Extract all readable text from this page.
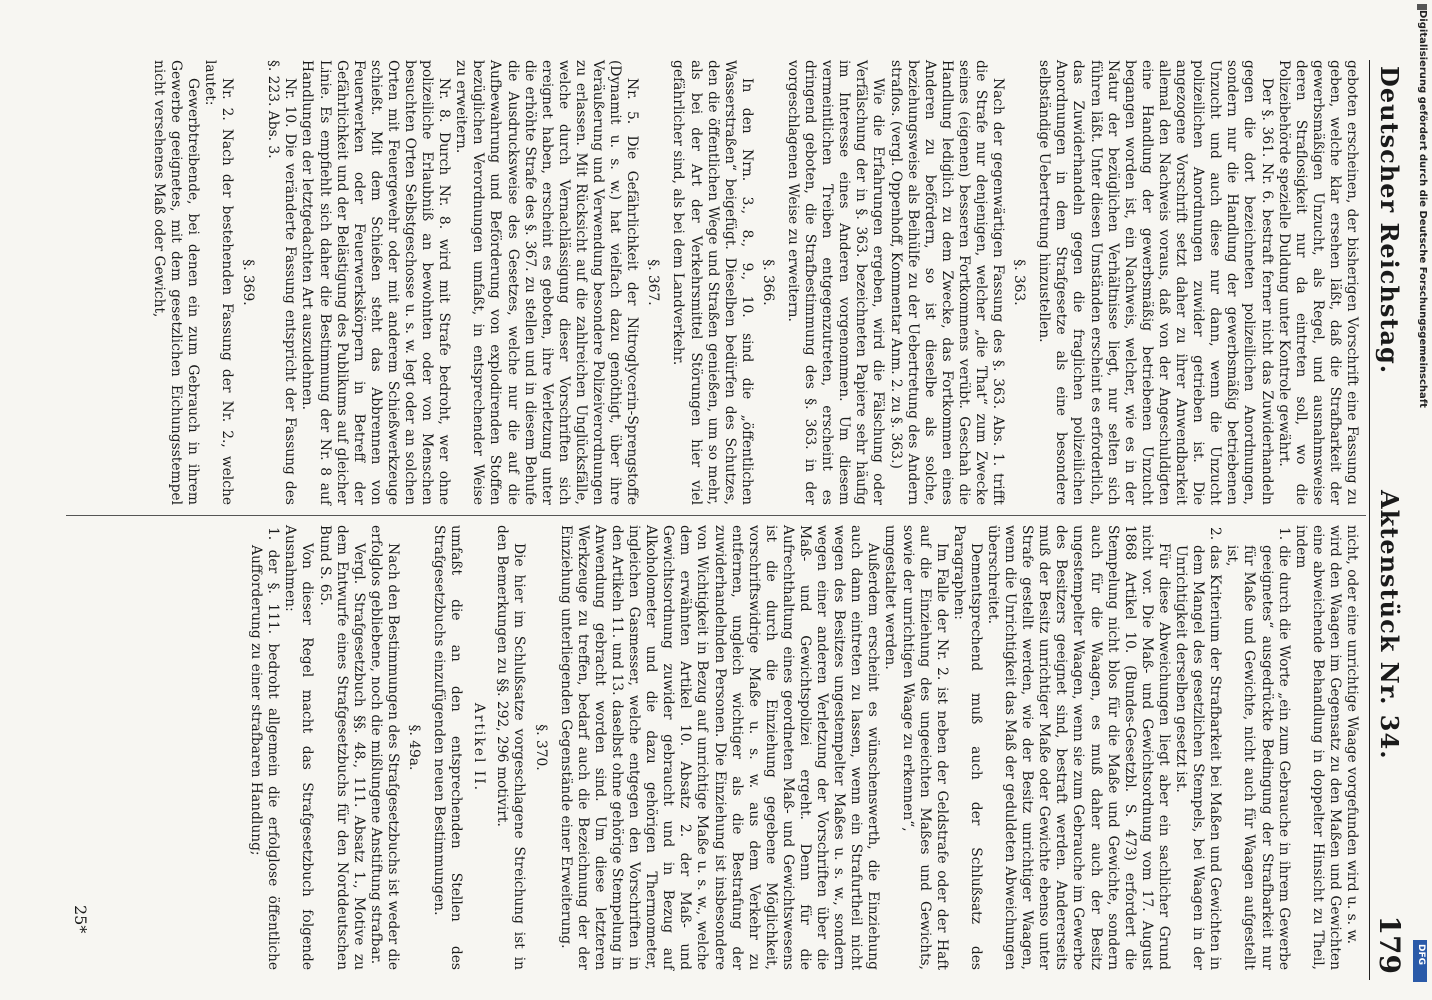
Deutscher Reichstag.
Aktenstück Nr. 34.
179

geboten erscheinen, der bisherigen Vorschrift eine Fassung zu geben, welche klar ersehen läßt, daß die Strafbarkeit der gewerbsmäßigen Unzucht, als Regel, und ausnahmsweise deren Straflosigkeit nur da eintreten soll, wo die Polizeibehörde spezielle Duldung unter Kontrole gewährt.

Der §. 361. Nr. 6. bestraft ferner nicht das Zuwiderhandeln gegen die dort bezeichneten polizeilichen Anordnungen, sondern nur die Handlung der gewerbsmäßig betriebenen Unzucht und auch diese nur dann, wenn die Unzucht polizeilichen Anordnungen zuwider getrieben ist. Die angezogene Vorschrift setzt daher zu ihrer Anwendbarkeit allemal den Nachweis voraus, daß von der Angeschuldigten eine Handlung der gewerbsmäßig betriebenen Unzucht begangen worden ist, ein Nachweis, welcher, wie es in der Natur der bezüglichen Verhältnisse liegt, nur selten sich führen läßt. Unter diesen Umständen erscheint es erforderlich, das Zuwiderhandeln gegen die fraglichen polizeilichen Anordnungen in dem Strafgesetze als eine besondere selbständige Uebertretung hinzustellen.

§. 363.

Nach der gegenwärtigen Fassung des §. 363. Abs. 1. trifft die Strafe nur denjenigen, welcher „die That“ zum Zwecke seines (eigenen) besseren Fortkommens verübt. Geschah die Handlung lediglich zu dem Zwecke, das Fortkommen eines Anderen zu befördern, so ist dieselbe als solche, beziehungsweise als Beihülfe zu der Uebertretung des Andern straflos. (vergl. Oppenhoff, Kommentar Anm. 2. zu §. 363.)

Wie die Erfahrungen ergeben, wird die Fälschung oder Verfälschung der in §. 363. bezeichneten Papiere sehr häufig im Interesse eines Anderen vorgenommen. Um diesem vermeintlichen Treiben entgegenzutreten, erscheint es dringend geboten, die Strafbestimmung des §. 363. in der vorgeschlagenen Weise zu erweitern.

§. 366.

In den Nrn. 3., 8., 9., 10. sind die „öffentlichen Wasserstraßen“ beigefügt. Dieselben bedürfen des Schutzes, den die öffentlichen Wege und Straßen genießen, um so mehr, als bei der Art der Verkehrsmittel Störungen hier viel gefährlicher sind, als bei dem Landverkehr.

§. 367.

Nr. 5. Die Gefährlichkeit der Nitroglycerin-Sprengstoffe (Dynamit u. s. w.) hat vielfach dazu genöthigt, über ihre Veräußerung und Verwendung besondere Polizeiverordnungen zu erlassen. Mit Rücksicht auf die zahlreichen Unglücksfälle, welche durch Vernachlässigung dieser Vorschriften sich ereignet haben, erscheint es geboten, ihre Verletzung unter die erhöhte Strafe des §. 367. zu stellen und in diesem Behufe die Ausdrucksweise des Gesetzes, welche nur die auf die Aufbewahrung und Beförderung von explodirenden Stoffen bezüglichen Verordnungen umfaßt, in entsprechender Weise zu erweitern.

Nr. 8. Durch Nr. 8. wird mit Strafe bedroht, wer ohne polizeiliche Erlaubniß an bewohnten oder von Menschen besuchten Orten Selbstgeschosse u. s. w. legt oder an solchen Orten mit Feuergewehr oder mit anderem Schießwerkzeuge schießt. Mit dem Schießen steht das Abbrennen von Feuerwerken oder Feuerwerkskörpern in Betreff der Gefährlichkeit und der Belästigung des Publikums auf gleicher Linie. Es empfiehlt sich daher die Bestimmung der Nr. 8 auf Handlungen der letztgedachten Art auszudehnen.

Nr. 10. Die veränderte Fassung entspricht der Fassung des §. 223. Abs. 3.

§. 369.

Nr. 2. Nach der bestehenden Fassung der Nr. 2., welche lautet:

Gewerbtreibende, bei denen ein zum Gebrauch in ihrem Gewerbe geeignetes, mit dem gesetzlichen Eichungsstempel nicht versehenes Maß oder Gewicht,

nicht, oder eine unrichtige Waage vorgefunden wird u. s. w.

wird den Waagen im Gegensatz zu den Maßen und Gewichten eine abweichende Behandlung in doppelter Hinsicht zu Theil, indem

1. die durch die Worte „ein zum Gebrauche in ihrem Gewerbe geeignetes“ ausgedrückte Bedingung der Strafbarkeit nur für Maße und Gewichte, nicht auch für Waagen aufgestellt ist,

2. das Kriterium der Strafbarkeit bei Maßen und Gewichten in dem Mangel des gesetzlichen Stempels, bei Waagen in der Unrichtigkeit derselben gesetzt ist.

Für diese Abweichungen liegt aber ein sachlicher Grund nicht vor. Die Maß- und Gewichtsordnung vom 17. August 1868 Artikel 10. (Bundes-Gesetzbl. S. 473) erfordert die Stempelung nicht blos für die Maße und Gewichte, sondern auch für die Waagen, es muß daher auch der Besitz ungestempelter Waagen, wenn sie zum Gebrauche im Gewerbe des Besitzers geeignet sind, bestraft werden. Andererseits muß der Besitz unrichtiger Maße oder Gewichte ebenso unter Strafe gestellt werden, wie der Besitz unrichtiger Waagen, wenn die Unrichtigkeit das Maß der geduldeten Abweichungen überschreitet.

Dementsprechend muß auch der Schlußsatz des Paragraphen:

Im Falle der Nr. 2. ist neben der Geldstrafe oder der Haft auf die Einziehung des ungeeichten Maßes und Gewichts, sowie der unrichtigen Waage zu erkennen“,

umgestaltet werden.

Außerdem erscheint es wünschenswerth, die Einziehung auch dann eintreten zu lassen, wenn ein Strafurtheil nicht wegen des Besitzes ungestempelter Maßes u. s. w., sondern wegen einer anderen Verletzung der Vorschriften über die Maß- und Gewichtspolizei ergeht. Denn für die Aufrechthaltung eines geordneten Maß- und Gewichtswesens ist die durch die Einziehung gegebene Möglichkeit, vorschriftswidrige Maße u. s. w. aus dem Verkehr zu entfernen, ungleich wichtiger als die Bestrafung der zuwiderhandelnden Personen. Die Einziehung ist insbesondere von Wichtigkeit in Bezug auf unrichtige Maße u. s. w., welche dem erwähnten Artikel 10. Absatz 2. der Maß- und Gewichtsordnung zuwider gebraucht und in Bezug auf Alkoholometer und die dazu gehörigen Thermometer, ingleichen Gasmesser, welche entgegen den Vorschriften in den Artikeln 11. und 13. daselbst ohne gehörige Stempelung in Anwendung gebracht worden sind. Um diese letzteren Werkzeuge zu treffen, bedarf auch die Bezeichnung der der Einziehung unterliegenden Gegenstände einer Erweiterung.

§. 370.

Die hier im Schlußsatze vorgeschlagene Streichung ist in den Bemerkungen zu §§. 292, 296 motivirt.

Artikel II.

umfaßt die an den entsprechenden Stellen des Strafgesetzbuchs einzufügenden neuen Bestimmungen.

§. 49a.

Nach den Bestimmungen des Strafgesetzbuchs ist weder die erfolglos gebliebene, noch die mißlungene Anstiftung strafbar.

Vergl. Strafgesetzbuch §§. 48., 111. Absatz 1., Motive zu dem Entwurfe eines Strafgesetzbuchs für den Norddeutschen Bund S. 65.

Von dieser Regel macht das Strafgesetzbuch folgende Ausnahmen:

1. der §. 111. bedroht allgemein die erfolglose öffentliche Aufforderung zu einer strafbaren Handlung;

25*
Digitalisierung gefördert durch die Deutsche Forschungsgemeinschaft
DFG
